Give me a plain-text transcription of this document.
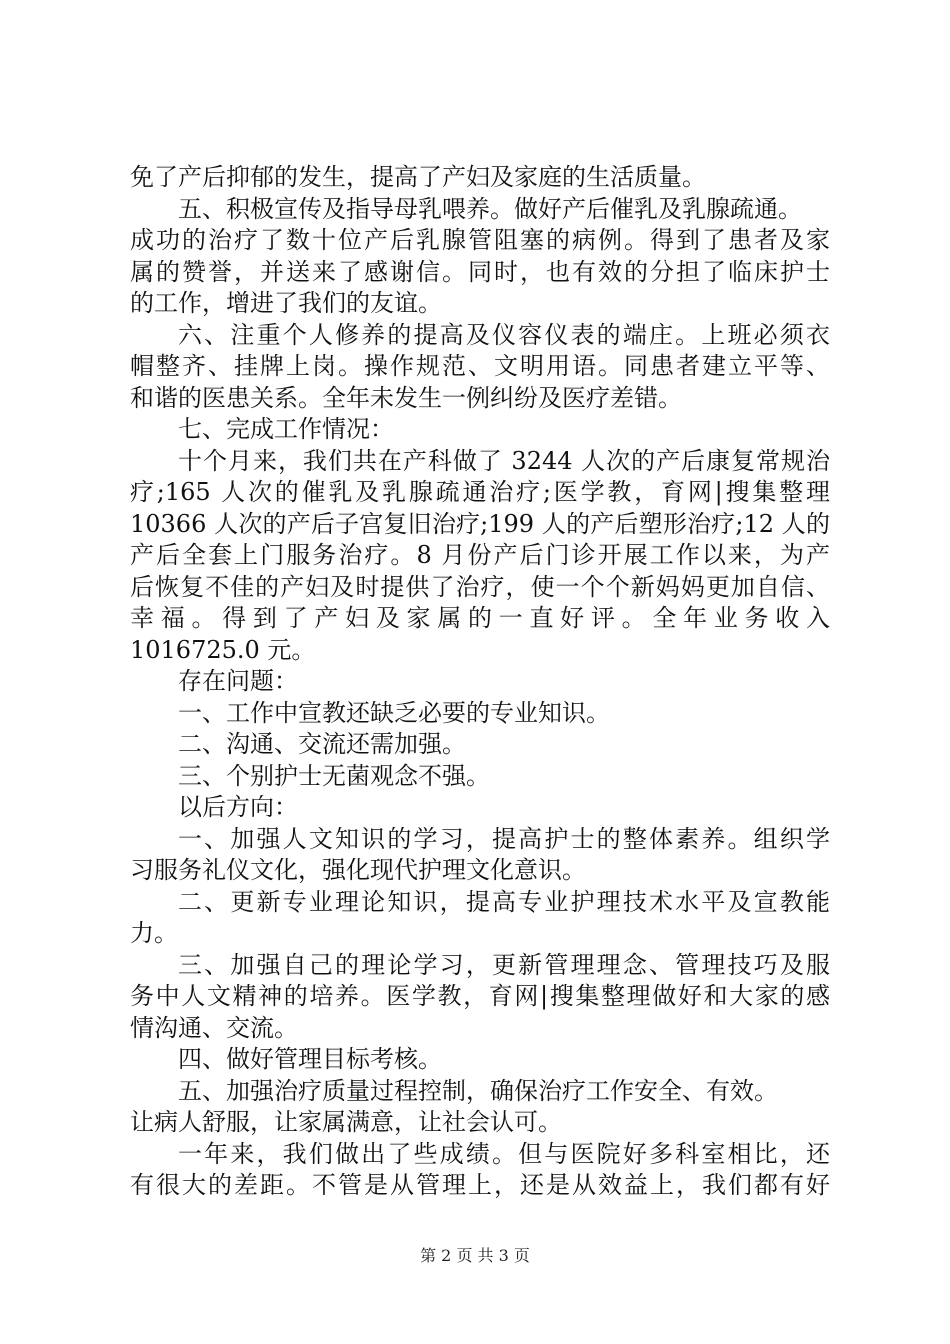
免了产后抑郁的发生，提高了产妇及家庭的生活质量。
五、积极宣传及指导母乳喂养。做好产后催乳及乳腺疏通。
成功的治疗了数十位产后乳腺管阻塞的病例。得到了患者及家
属的赞誉，并送来了感谢信。同时，也有效的分担了临床护士
的工作，增进了我们的友谊。
六、注重个人修养的提高及仪容仪表的端庄。上班必须衣
帽整齐、挂牌上岗。操作规范、文明用语。同患者建立平等、
和谐的医患关系。全年未发生一例纠纷及医疗差错。
七、完成工作情况：
十个月来，我们共在产科做了 3244 人次的产后康复常规治
疗;165 人次的催乳及乳腺疏通治疗;医学教，育网|搜集整理
10366 人次的产后子宫复旧治疗;199 人的产后塑形治疗;12 人的
产后全套上门服务治疗。8 月份产后门诊开展工作以来，为产
后恢复不佳的产妇及时提供了治疗，使一个个新妈妈更加自信、
幸福。得到了产妇及家属的一直好评。全年业务收入
1016725.0 元。
存在问题：
一、工作中宣教还缺乏必要的专业知识。
二、沟通、交流还需加强。
三、个别护士无菌观念不强。
以后方向：
一、加强人文知识的学习，提高护士的整体素养。组织学
习服务礼仪文化，强化现代护理文化意识。
二、更新专业理论知识，提高专业护理技术水平及宣教能
力。
三、加强自己的理论学习，更新管理理念、管理技巧及服
务中人文精神的培养。医学教，育网|搜集整理做好和大家的感
情沟通、交流。
四、做好管理目标考核。
五、加强治疗质量过程控制，确保治疗工作安全、有效。
让病人舒服，让家属满意，让社会认可。
一年来，我们做出了些成绩。但与医院好多科室相比，还
有很大的差距。不管是从管理上，还是从效益上，我们都有好
第 2 页 共 3 页
